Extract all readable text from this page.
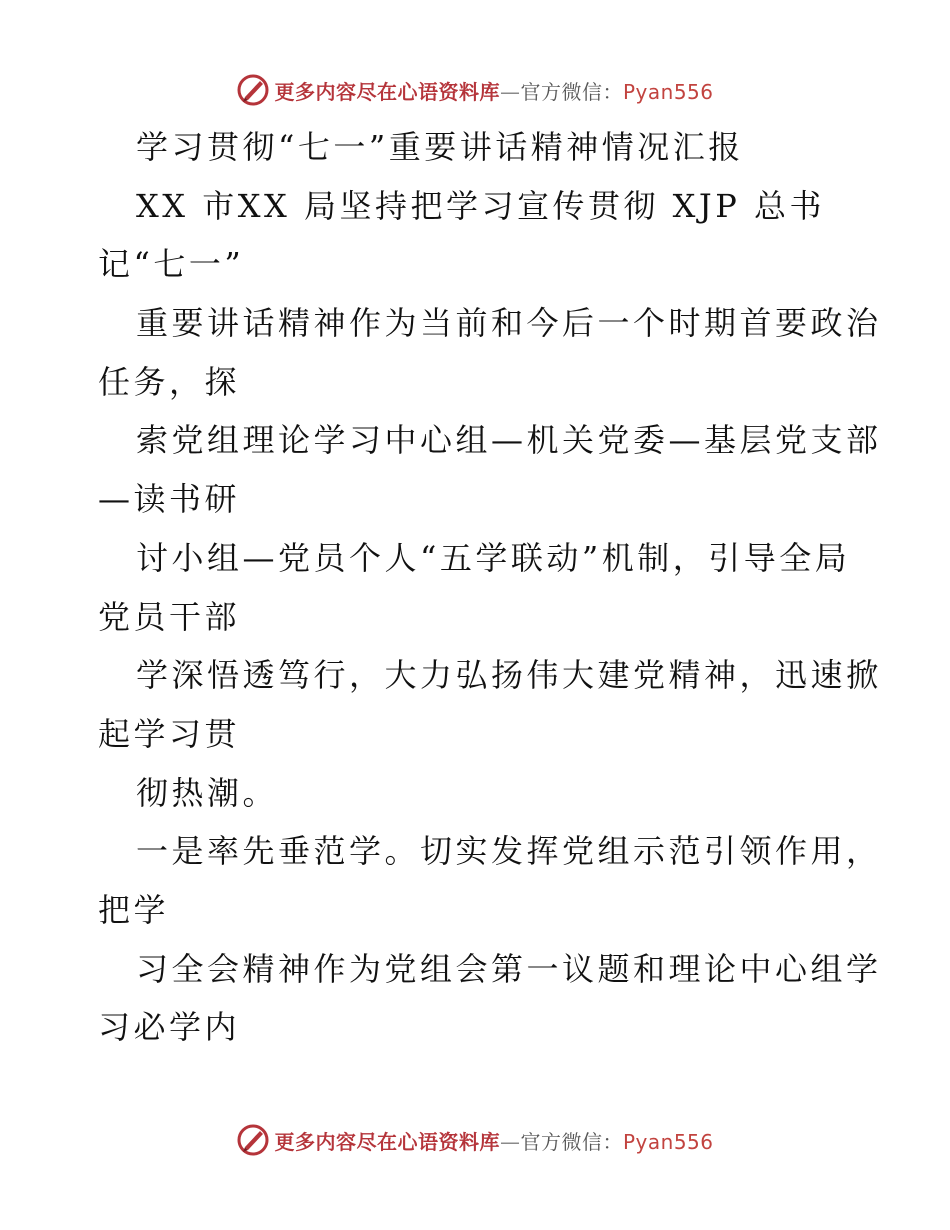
更多内容尽在心语资料库—官方微信：Pyan556
学习贯彻“七一”重要讲话精神情况汇报
XX 市XX 局坚持把学习宣传贯彻 XJP 总书
记“七一”
重要讲话精神作为当前和今后一个时期首要政治
任务，探
索党组理论学习中心组—机关党委—基层党支部
—读书研
讨小组—党员个人“五学联动”机制，引导全局
党员干部
学深悟透笃行，大力弘扬伟大建党精神，迅速掀
起学习贯
彻热潮。
一是率先垂范学。切实发挥党组示范引领作用，
把学
习全会精神作为党组会第一议题和理论中心组学
习必学内
更多内容尽在心语资料库—官方微信：Pyan556
